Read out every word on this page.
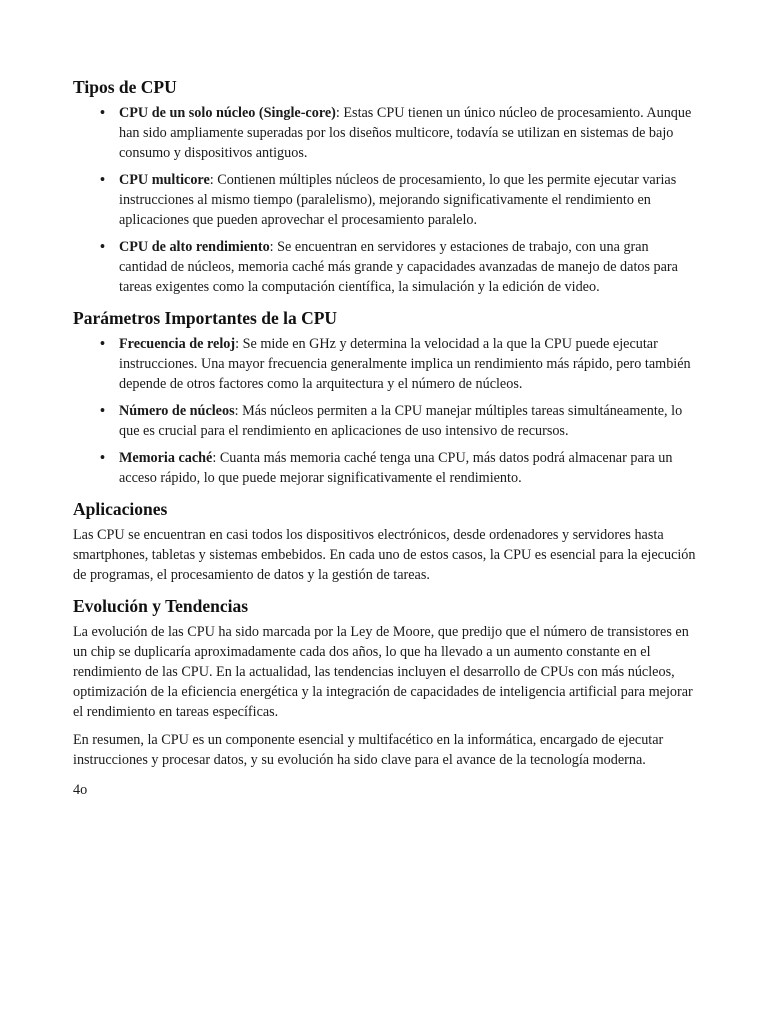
Tipos de CPU
• CPU de un solo núcleo (Single-core): Estas CPU tienen un único núcleo de procesamiento. Aunque han sido ampliamente superadas por los diseños multicore, todavía se utilizan en sistemas de bajo consumo y dispositivos antiguos.
• CPU multicore: Contienen múltiples núcleos de procesamiento, lo que les permite ejecutar varias instrucciones al mismo tiempo (paralelismo), mejorando significativamente el rendimiento en aplicaciones que pueden aprovechar el procesamiento paralelo.
• CPU de alto rendimiento: Se encuentran en servidores y estaciones de trabajo, con una gran cantidad de núcleos, memoria caché más grande y capacidades avanzadas de manejo de datos para tareas exigentes como la computación científica, la simulación y la edición de video.
Parámetros Importantes de la CPU
• Frecuencia de reloj: Se mide en GHz y determina la velocidad a la que la CPU puede ejecutar instrucciones. Una mayor frecuencia generalmente implica un rendimiento más rápido, pero también depende de otros factores como la arquitectura y el número de núcleos.
• Número de núcleos: Más núcleos permiten a la CPU manejar múltiples tareas simultáneamente, lo que es crucial para el rendimiento en aplicaciones de uso intensivo de recursos.
• Memoria caché: Cuanta más memoria caché tenga una CPU, más datos podrá almacenar para un acceso rápido, lo que puede mejorar significativamente el rendimiento.
Aplicaciones

Las CPU se encuentran en casi todos los dispositivos electrónicos, desde ordenadores y servidores hasta smartphones, tabletas y sistemas embebidos. En cada uno de estos casos, la CPU es esencial para la ejecución de programas, el procesamiento de datos y la gestión de tareas.

Evolución y Tendencias

La evolución de las CPU ha sido marcada por la Ley de Moore, que predijo que el número de transistores en un chip se duplicaría aproximadamente cada dos años, lo que ha llevado a un aumento constante en el rendimiento de las CPU. En la actualidad, las tendencias incluyen el desarrollo de CPUs con más núcleos, optimización de la eficiencia energética y la integración de capacidades de inteligencia artificial para mejorar el rendimiento en tareas específicas.

En resumen, la CPU es un componente esencial y multifacético en la informática, encargado de ejecutar instrucciones y procesar datos, y su evolución ha sido clave para el avance de la tecnología moderna.

4o
